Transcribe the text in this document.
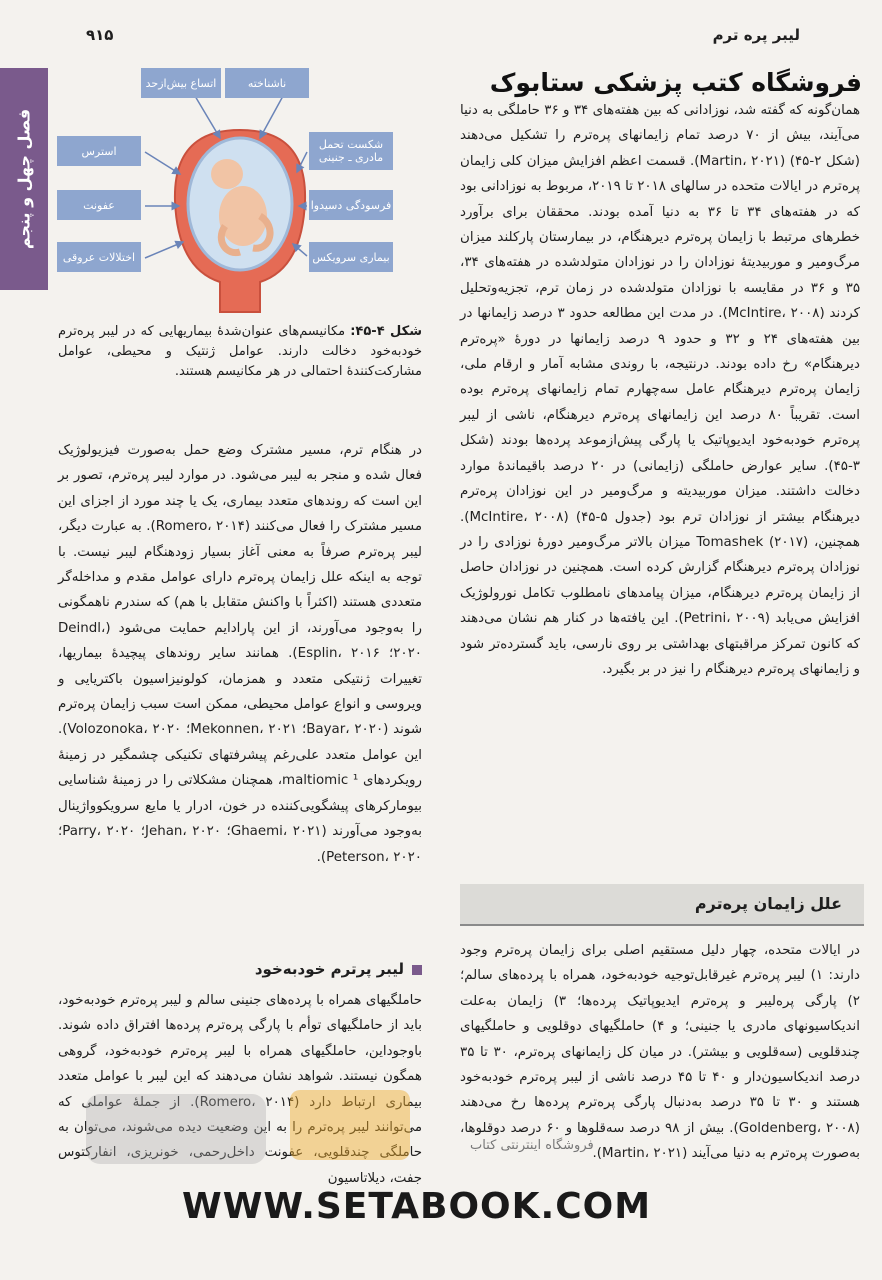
لیبر پره ترم
۹۱۵
فصل چهل و پنجم
فروشگاه کتب پزشکی ستابوک
اتساع بیش‌ازحد	ناشناخته
استرس
عفونت
اختلالات عروقی
شکست تحمل مادری ـ جنینی
فرسودگی دسیدوا
بیماری سرویکس
شکل ۴-۴۵: مکانیسم‌های عنوان‌شدهٔ بیماریهایی که در لیبر پره‌ترم خودبه‌خود دخالت دارند. عوامل ژنتیک و محیطی، عوامل مشارکت‌کنندهٔ احتمالی در هر مکانیسم هستند.

همان‌گونه که گفته شد، نوزادانی که بین هفته‌های ۳۴ و ۳۶ حاملگی به دنیا می‌آیند، بیش از ۷۰ درصد تمام زایمانهای پره‌ترم را تشکیل می‌دهند (شکل ۲-۴۵) (Martin، ۲۰۲۱). قسمت اعظم افزایش میزان کلی زایمان پره‌ترم در ایالات متحده در سالهای ۲۰۱۸ تا ۲۰۱۹، مربوط به نوزادانی بود که در هفته‌های ۳۴ تا ۳۶ به دنیا آمده بودند. محققان برای برآورد خطرهای مرتبط با زایمان پره‌ترم دیرهنگام، در بیمارستان پارکلند میزان مرگ‌ومیر و موربیدیتهٔ نوزادان را در نوزادان متولدشده در هفته‌های ۳۴، ۳۵ و ۳۶ در مقایسه با نوزادان متولدشده در زمان ترم، تجزیه‌وتحلیل کردند (McIntire، ۲۰۰۸). در مدت این مطالعه حدود ۳ درصد زایمانها در بین هفته‌های ۲۴ و ۳۲ و حدود ۹ درصد زایمانها در دورهٔ «پره‌ترم دیرهنگام» رخ داده بودند. درنتیجه، با روندی مشابه آمار و ارقام ملی، زایمان پره‌ترم دیرهنگام عامل سه‌چهارم تمام زایمانهای پره‌ترم بوده است. تقریباً ۸۰ درصد این زایمانهای پره‌ترم دیرهنگام، ناشی از لیبر پره‌ترم خودبه‌خود ایدیوپاتیک یا پارگی پیش‌ازموعد پرده‌ها بودند (شکل ۳-۴۵). سایر عوارض حاملگی (زایمانی) در ۲۰ درصد باقیماندهٔ موارد دخالت داشتند. میزان موربیدیته و مرگ‌ومیر در این نوزادان پره‌ترم دیرهنگام بیشتر از نوزادان ترم بود (جدول ۵-۴۵) (McIntire، ۲۰۰۸). همچنین، Tomashek (۲۰۱۷) میزان بالاتر مرگ‌ومیر دورهٔ نوزادی را در نوزادان پره‌ترم دیرهنگام گزارش کرده است. همچنین در نوزادان حاصل از زایمان پره‌ترم دیرهنگام، میزان پیامدهای نامطلوب تکامل نورولوژیک افزایش می‌یابد (Petrini، ۲۰۰۹). این یافته‌ها در کنار هم نشان می‌دهند که کانون تمرکز مراقبتهای بهداشتی بر روی نارسی، باید گسترده‌تر شود و زایمانهای پره‌ترم دیرهنگام را نیز در بر بگیرد.

علل زایمان پره‌ترم

در ایالات متحده، چهار دلیل مستقیم اصلی برای زایمان پره‌ترم وجود دارند: ۱) لیبر پره‌ترم غیرقابل‌توجیه خودبه‌خود، همراه با پرده‌های سالم؛ ۲) پارگی پره‌لیبر و پره‌ترم ایدیوپاتیک پرده‌ها؛ ۳) زایمان به‌علت اندیکاسیونهای مادری یا جنینی؛ و ۴) حاملگیهای دوقلویی و حاملگیهای چندقلویی (سه‌قلویی و بیشتر). در میان کل زایمانهای پره‌ترم، ۳۰ تا ۳۵ درصد اندیکاسیون‌دار و ۴۰ تا ۴۵ درصد ناشی از لیبر پره‌ترم خودبه‌خود هستند و ۳۰ تا ۳۵ درصد به‌دنبال پارگی پره‌ترم پرده‌ها رخ می‌دهند (Goldenberg، ۲۰۰۸). بیش از ۹۸ درصد سه‌قلوها و ۶۰ درصد دوقلوها، به‌صورت پره‌ترم به دنیا می‌آیند (Martin، ۲۰۲۱).

در هنگام ترم، مسیر مشترک وضع حمل به‌صورت فیزیولوژیک فعال شده و منجر به لیبر می‌شود. در موارد لیبر پره‌ترم، تصور بر این است که روندهای متعدد بیماری، یک یا چند مورد از اجزای این مسیر مشترک را فعال می‌کنند (Romero، ۲۰۱۴). به عبارت دیگر، لیبر پره‌ترم صرفاً به معنی آغاز بسیار زودهنگام لیبر نیست. با توجه به اینکه علل زایمان پره‌ترم دارای عوامل مقدم و مداخله‌گر متعددی هستند (اکثراً با واکنش متقابل با هم) که سندرم ناهمگونی را به‌وجود می‌آورند، از این پارادایم حمایت می‌شود (Deindl، ۲۰۲۰؛ Esplin، ۲۰۱۶). همانند سایر روندهای پیچیدهٔ بیماریها، تغییرات ژنتیکی متعدد و همزمان، کولونیزاسیون باکتریایی و ویروسی و انواع عوامل محیطی، ممکن است سبب زایمان پره‌ترم شوند (Bayar، ۲۰۲۰؛ Mekonnen، ۲۰۲۱؛ Volozonoka، ۲۰۲۰). این عوامل متعدد علی‌رغم پیشرفتهای تکنیکی چشمگیر در زمینهٔ رویکردهای maltiomic ¹، همچنان مشکلاتی را در زمینهٔ شناسایی بیومارکرهای پیشگویی‌کننده در خون، ادرار یا مایع سرویکوواژینال به‌وجود می‌آورند (Ghaemi، ۲۰۲۱؛ Jehan، ۲۰۲۰؛ Parry، ۲۰۲۰؛ Peterson، ۲۰۲۰).

لیبر پرترم خودبه‌خود

حاملگیهای همراه با پرده‌های جنینی سالم و لیبر پره‌ترم خودبه‌خود، باید از حاملگیهای توأم با پارگی پره‌ترم پرده‌ها افتراق داده شوند. باوجوداین، حاملگیهای همراه با لیبر پره‌ترم خودبه‌خود، گروهی همگون نیستند. شواهد نشان می‌دهند که این لیبر با عوامل متعدد بیماری ارتباط دارد (Romero، ۲۰۱۴). از جملهٔ عواملی که می‌توانند لیبر پره‌ترم را به این وضعیت دیده می‌شوند، می‌توان به حاملگی چندقلویی، عفونت داخل‌رحمی، خونریزی، انفارکتوس جفت، دیلاتاسیون

فروشگاه اینترنتی کتاب
WWW.SETABOOK.COM
